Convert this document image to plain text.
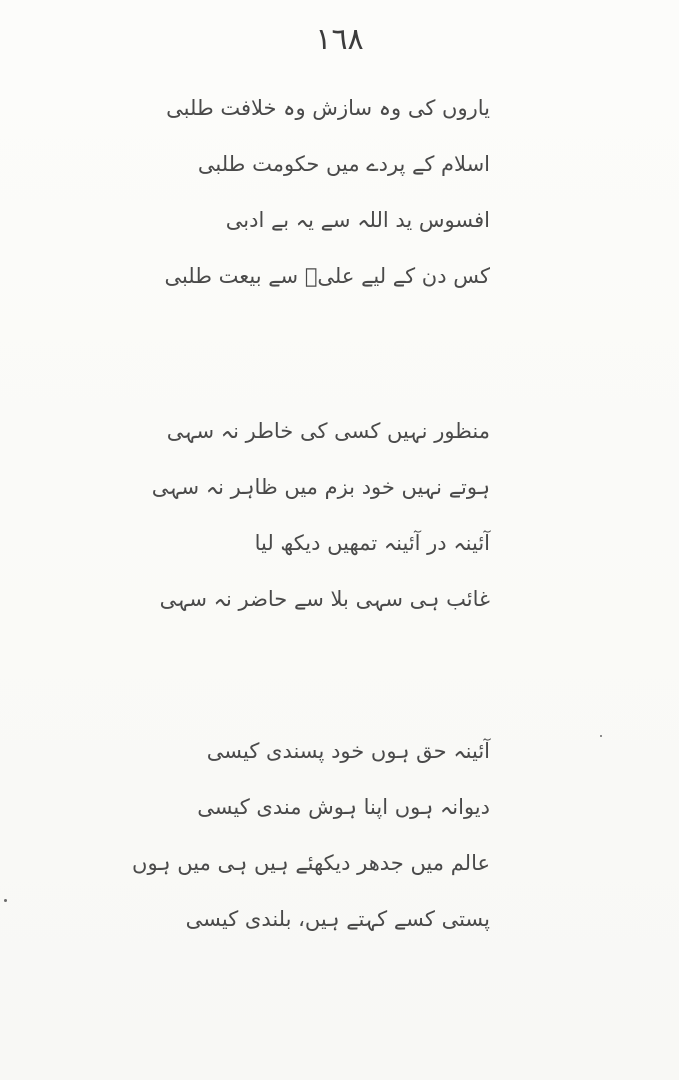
١٦٨
یاروں کی وہ سازش وہ خلافت طلبی
اسلام کے پردے میں حکومت طلبی
افسوس ید اللہ سے یہ بے ادبی
کس دن کے لیے علیؑ سے بیعت طلبی
منظور نہیں کسی کی خاطر نہ سہی
ہوتے نہیں خود بزم میں ظاہر نہ سہی
آئینہ در آئینہ تمھیں دیکھ لیا
غائب ہی سہی بلا سے حاضر نہ سہی
آئینہ حق ہوں خود پسندی کیسی
دیوانہ ہوں اپنا ہوش مندی کیسی
عالم میں جدھر دیکھئے ہیں ہی میں ہوں
پستی کسے کہتے ہیں، بلندی کیسی
